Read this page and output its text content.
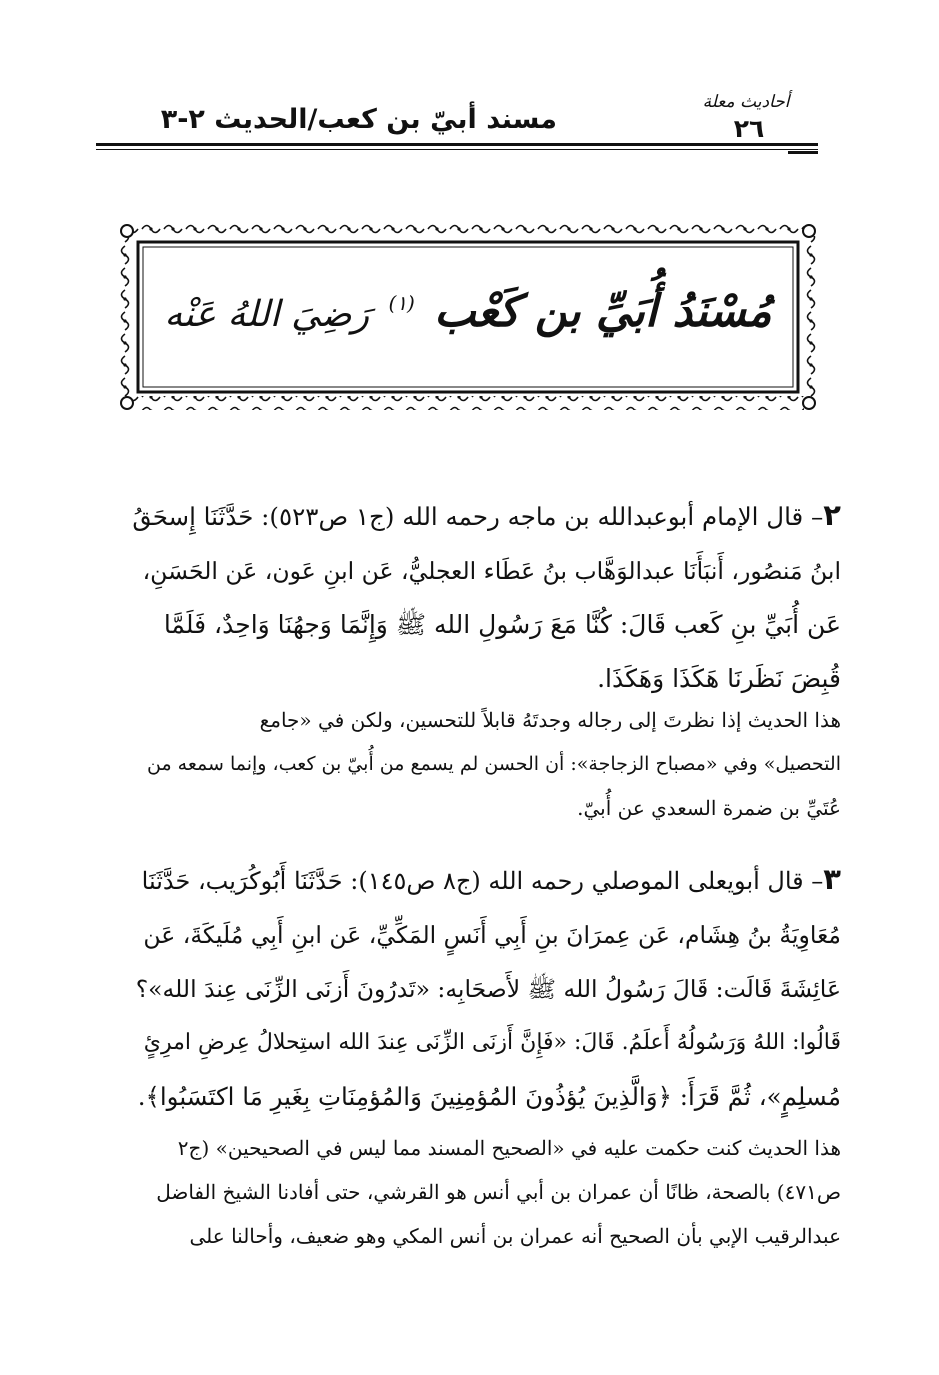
مسند أبيّ بن كعب/الحديث ٢-٣
أحاديث معلة
٢٦
مُسْنَدُ أُبَيِّ بن كَعْب $^{(١)}$ رَضِيَ اللهُ عَنْه
٢– قال الإمام أبوعبدالله بن ماجه رحمه الله (ج١ ص٥٢٣): حَدَّثَنَا إِسحَقُ
ابنُ مَنصُور، أَنبَأَنَا عبدالوَهَّاب بنُ عَطَاء العجليُّ، عَن ابنِ عَون، عَن الحَسَنِ،
عَن أُبَيِّ بنِ كَعب قَالَ: كُنَّا مَعَ رَسُولِ الله ﷺ وَإِنَّمَا وَجهُنَا وَاحِدٌ، فَلَمَّا
قُبِضَ نَظَرنَا هَكَذَا وَهَكَذَا.
هذا الحديث إذا نظرتَ إلى رجاله وجدتَهُ قابلاً للتحسين، ولكن في «جامع
التحصيل» وفي «مصباح الزجاجة»: أن الحسن لم يسمع من أُبيّ بن كعب، وإنما سمعه من
عُتَيِّ بن ضمرة السعدي عن أُبيّ.
٣– قال أبويعلى الموصلي رحمه الله (ج٨ ص١٤٥): حَدَّثَنَا أَبُوكُرَيب، حَدَّثَنَا
مُعَاوِيَةُ بنُ هِشَام، عَن عِمرَانَ بنِ أَبِي أَنَسٍ المَكِّيِّ، عَن ابنِ أَبِي مُلَيكَةَ، عَن
عَائِشَةَ قَالَت: قَالَ رَسُولُ الله ﷺ لأَصحَابِه: «تَدرُونَ أَزنَى الزِّنَى عِندَ الله»؟
قَالُوا: اللهُ وَرَسُولُهُ أَعلَمُ. قَالَ: «فَإِنَّ أَزنَى الزِّنَى عِندَ الله استِحلالُ عِرضِ امرِئٍ
مُسلِمٍ»، ثُمَّ قَرَأَ: ﴿وَالَّذِينَ يُؤذُونَ المُؤمِنِينَ وَالمُؤمِنَاتِ بِغَيرِ مَا اكتَسَبُوا﴾.
هذا الحديث كنت حكمت عليه في «الصحيح المسند مما ليس في الصحيحين» (ج٢
ص٤٧١) بالصحة، ظانًا أن عمران بن أبي أنس هو القرشي، حتى أفادنا الشيخ الفاضل
عبدالرقيب الإبي بأن الصحيح أنه عمران بن أنس المكي وهو ضعيف، وأحالنا على
